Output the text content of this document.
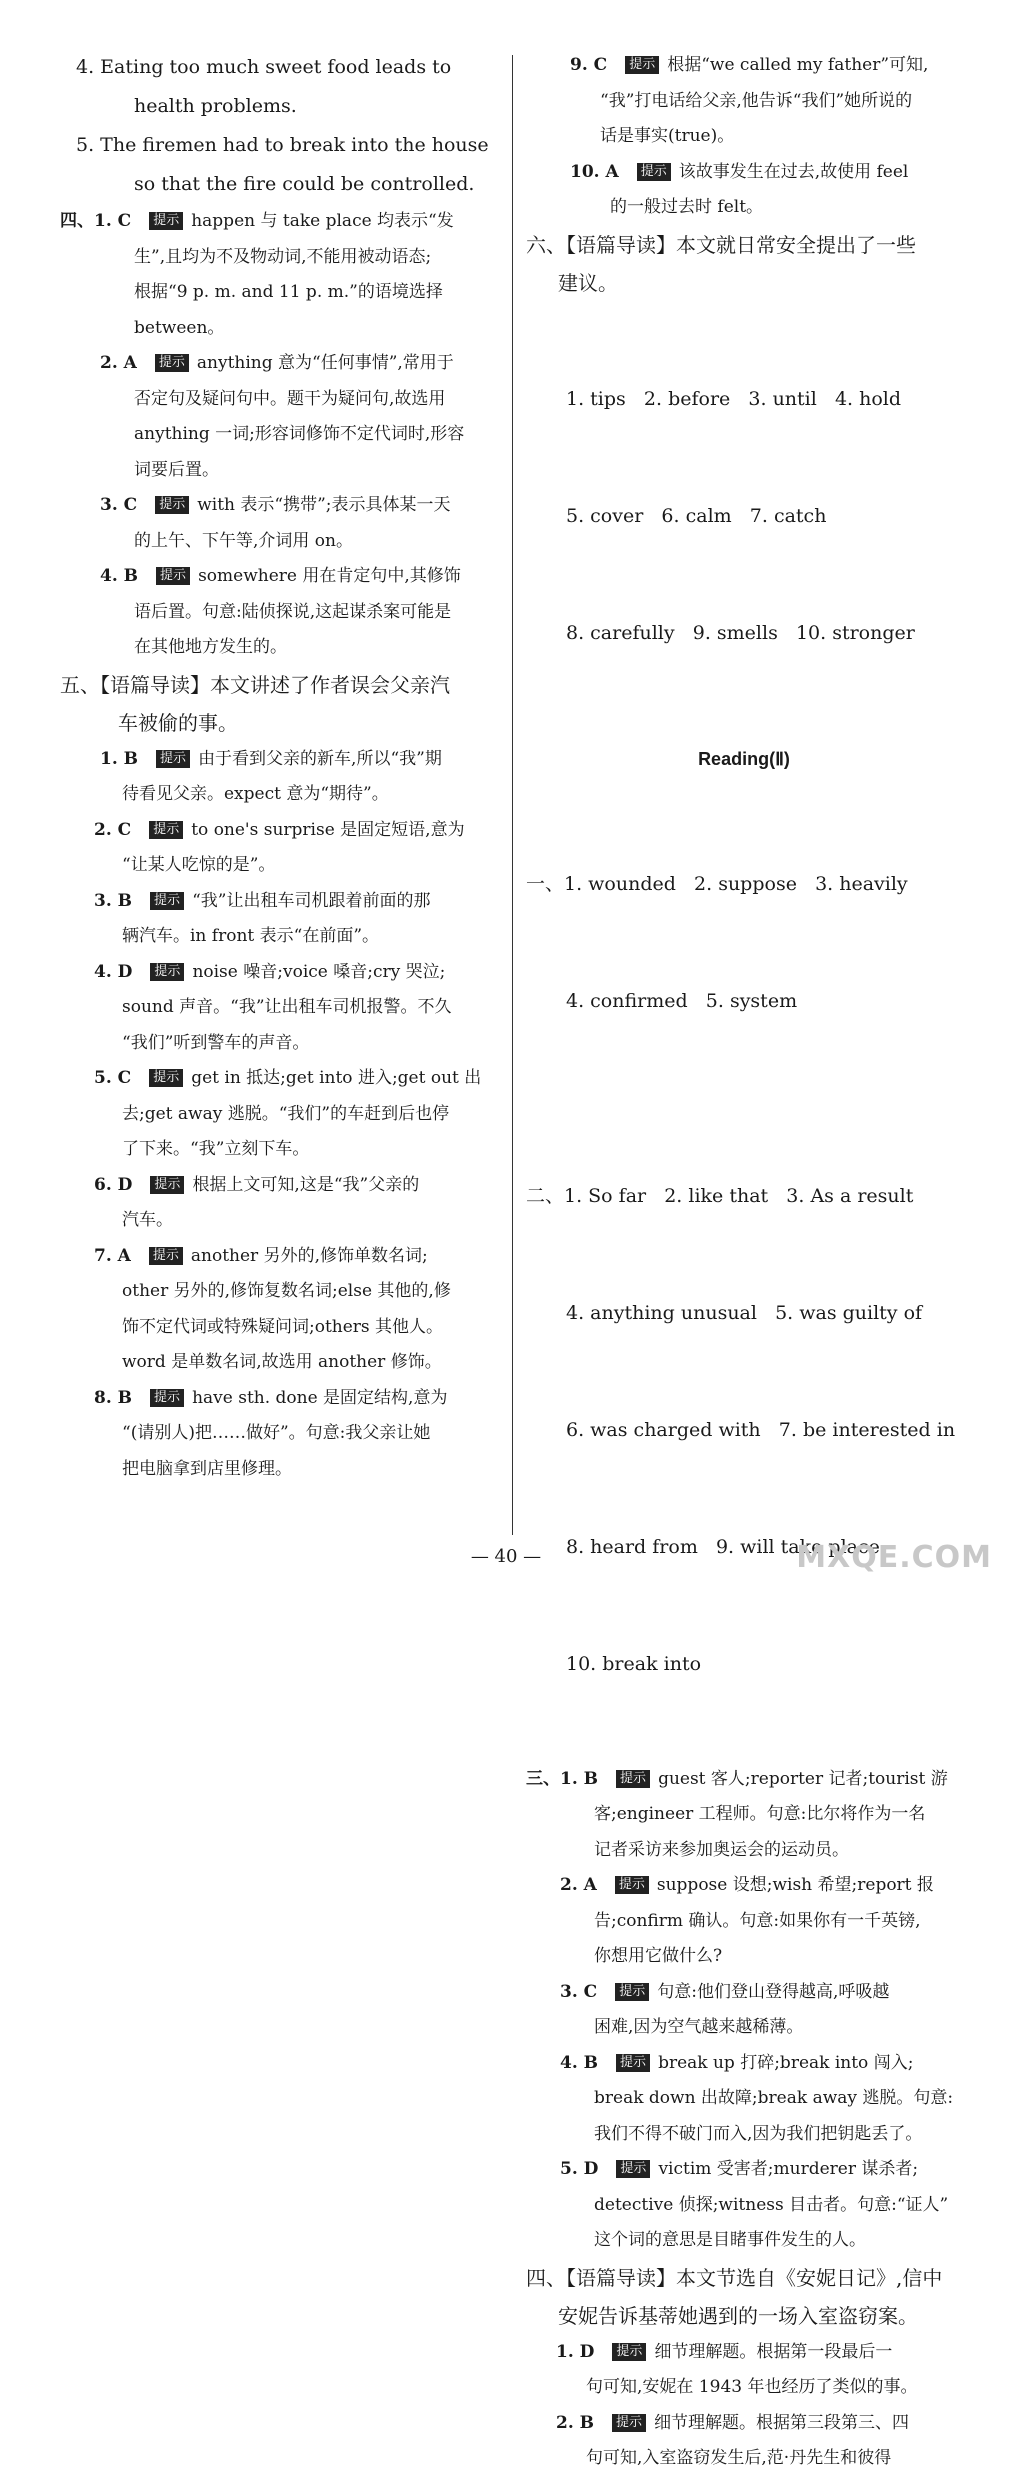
4. Eating too much sweet food leads to
health problems.
5. The firemen had to break into the house
so that the fire could be controlled.
四、1. C 提示 happen 与 take place 均表示“发
生”,且均为不及物动词,不能用被动语态;
根据“9 p. m. and 11 p. m.”的语境选择
between。
2. A 提示 anything 意为“任何事情”,常用于
否定句及疑问句中。题干为疑问句,故选用
anything 一词;形容词修饰不定代词时,形容
词要后置。
3. C 提示 with 表示“携带”;表示具体某一天
的上午、下午等,介词用 on。
4. B 提示 somewhere 用在肯定句中,其修饰
语后置。句意:陆侦探说,这起谋杀案可能是
在其他地方发生的。
五、【语篇导读】本文讲述了作者误会父亲汽
车被偷的事。
1. B 提示 由于看到父亲的新车,所以“我”期
待看见父亲。expect 意为“期待”。
2. C 提示 to one's surprise 是固定短语,意为
“让某人吃惊的是”。
3. B 提示 “我”让出租车司机跟着前面的那
辆汽车。in front 表示“在前面”。
4. D 提示 noise 噪音;voice 嗓音;cry 哭泣;
sound 声音。“我”让出租车司机报警。不久
“我们”听到警车的声音。
5. C 提示 get in 抵达;get into 进入;get out 出
去;get away 逃脱。“我们”的车赶到后也停
了下来。“我”立刻下车。
6. D 提示 根据上文可知,这是“我”父亲的
汽车。
7. A 提示 another 另外的,修饰单数名词;
other 另外的,修饰复数名词;else 其他的,修
饰不定代词或特殊疑问词;others 其他人。
word 是单数名词,故选用 another 修饰。
8. B 提示 have sth. done 是固定结构,意为
“(请别人)把……做好”。句意:我父亲让她
把电脑拿到店里修理。
9. C 提示 根据“we called my father”可知,
“我”打电话给父亲,他告诉“我们”她所说的
话是事实(true)。
10. A 提示 该故事发生在过去,故使用 feel
的一般过去时 felt。
六、【语篇导读】本文就日常安全提出了一些
建议。

1. tips   2. before   3. until   4. hold

5. cover   6. calm   7. catch

8. carefully   9. smells   10. stronger

Reading(Ⅱ)

一、1. wounded   2. suppose   3. heavily

4. confirmed   5. system

二、1. So far   2. like that   3. As a result

4. anything unusual   5. was guilty of

6. was charged with   7. be interested in

8. heard from   9. will take place

10. break into

三、1. B 提示 guest 客人;reporter 记者;tourist 游
客;engineer 工程师。句意:比尔将作为一名
记者采访来参加奥运会的运动员。
2. A 提示 suppose 设想;wish 希望;report 报
告;confirm 确认。句意:如果你有一千英镑,
你想用它做什么?
3. C 提示 句意:他们登山登得越高,呼吸越
困难,因为空气越来越稀薄。
4. B 提示 break up 打碎;break into 闯入;
break down 出故障;break away 逃脱。句意:
我们不得不破门而入,因为我们把钥匙丢了。
5. D 提示 victim 受害者;murderer 谋杀者;
detective 侦探;witness 目击者。句意:“证人”
这个词的意思是目睹事件发生的人。
四、【语篇导读】本文节选自《安妮日记》,信中
安妮告诉基蒂她遇到的一场入室盗窃案。
1. D 提示 细节理解题。根据第一段最后一
句可知,安妮在 1943 年也经历了类似的事。
2. B 提示 细节理解题。根据第三段第三、四
句可知,入室盗窃发生后,范·丹先生和彼得
— 40 —	MXQE.COM
